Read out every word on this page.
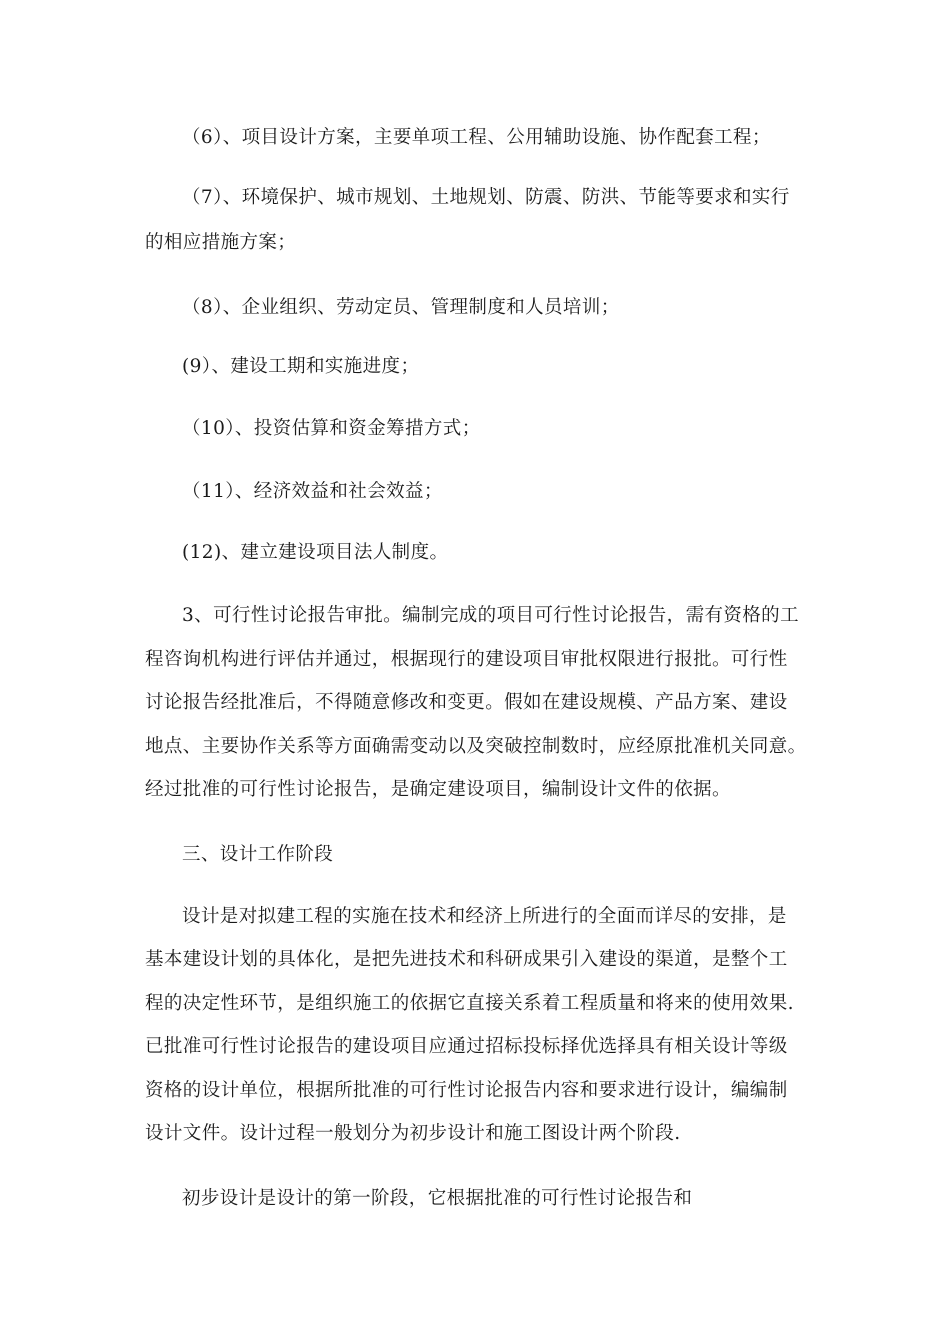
（6）、项目设计方案，主要单项工程、公用辅助设施、协作配套工程；
（7）、环境保护、城市规划、土地规划、防震、防洪、节能等要求和实行
的相应措施方案；
（8）、企业组织、劳动定员、管理制度和人员培训；
(9）、建设工期和实施进度；
（10）、投资估算和资金筹措方式；
（11）、经济效益和社会效益；
(12)、建立建设项目法人制度。
3、可行性讨论报告审批。编制完成的项目可行性讨论报告，需有资格的工
程咨询机构进行评估并通过，根据现行的建设项目审批权限进行报批。可行性
讨论报告经批准后，不得随意修改和变更。假如在建设规模、产品方案、建设
地点、主要协作关系等方面确需变动以及突破控制数时，应经原批准机关同意。
经过批准的可行性讨论报告，是确定建设项目，编制设计文件的依据。
三、设计工作阶段
设计是对拟建工程的实施在技术和经济上所进行的全面而详尽的安排，是
基本建设计划的具体化，是把先进技术和科研成果引入建设的渠道，是整个工
程的决定性环节，是组织施工的依据它直接关系着工程质量和将来的使用效果.
已批准可行性讨论报告的建设项目应通过招标投标择优选择具有相关设计等级
资格的设计单位，根据所批准的可行性讨论报告内容和要求进行设计，编编制
设计文件。设计过程一般划分为初步设计和施工图设计两个阶段.
初步设计是设计的第一阶段，它根据批准的可行性讨论报告和
